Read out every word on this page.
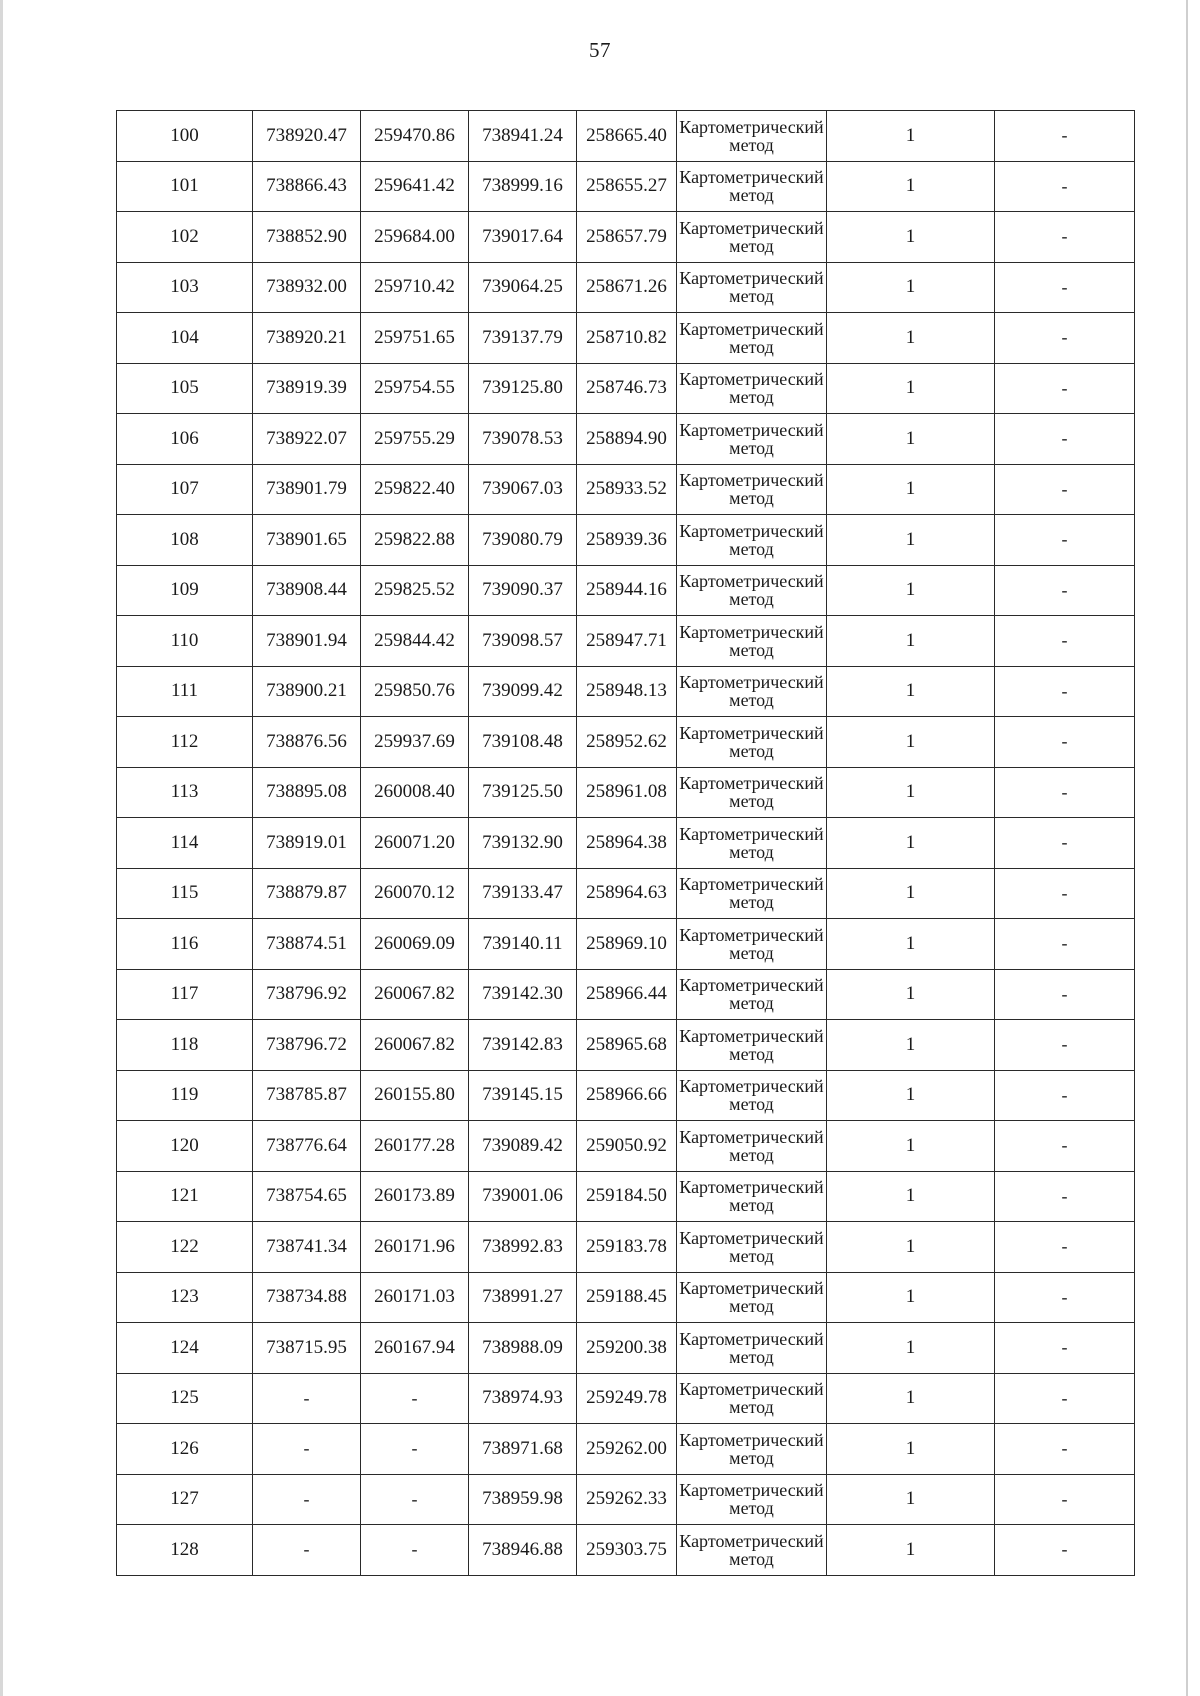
57
100	738920.47	259470.86	738941.24	258665.40	Картометрический метод	1	-
101	738866.43	259641.42	738999.16	258655.27	Картометрический метод	1	-
102	738852.90	259684.00	739017.64	258657.79	Картометрический метод	1	-
103	738932.00	259710.42	739064.25	258671.26	Картометрический метод	1	-
104	738920.21	259751.65	739137.79	258710.82	Картометрический метод	1	-
105	738919.39	259754.55	739125.80	258746.73	Картометрический метод	1	-
106	738922.07	259755.29	739078.53	258894.90	Картометрический метод	1	-
107	738901.79	259822.40	739067.03	258933.52	Картометрический метод	1	-
108	738901.65	259822.88	739080.79	258939.36	Картометрический метод	1	-
109	738908.44	259825.52	739090.37	258944.16	Картометрический метод	1	-
110	738901.94	259844.42	739098.57	258947.71	Картометрический метод	1	-
111	738900.21	259850.76	739099.42	258948.13	Картометрический метод	1	-
112	738876.56	259937.69	739108.48	258952.62	Картометрический метод	1	-
113	738895.08	260008.40	739125.50	258961.08	Картометрический метод	1	-
114	738919.01	260071.20	739132.90	258964.38	Картометрический метод	1	-
115	738879.87	260070.12	739133.47	258964.63	Картометрический метод	1	-
116	738874.51	260069.09	739140.11	258969.10	Картометрический метод	1	-
117	738796.92	260067.82	739142.30	258966.44	Картометрический метод	1	-
118	738796.72	260067.82	739142.83	258965.68	Картометрический метод	1	-
119	738785.87	260155.80	739145.15	258966.66	Картометрический метод	1	-
120	738776.64	260177.28	739089.42	259050.92	Картометрический метод	1	-
121	738754.65	260173.89	739001.06	259184.50	Картометрический метод	1	-
122	738741.34	260171.96	738992.83	259183.78	Картометрический метод	1	-
123	738734.88	260171.03	738991.27	259188.45	Картометрический метод	1	-
124	738715.95	260167.94	738988.09	259200.38	Картометрический метод	1	-
125	-	-	738974.93	259249.78	Картометрический метод	1	-
126	-	-	738971.68	259262.00	Картометрический метод	1	-
127	-	-	738959.98	259262.33	Картометрический метод	1	-
128	-	-	738946.88	259303.75	Картометрический метод	1	-
